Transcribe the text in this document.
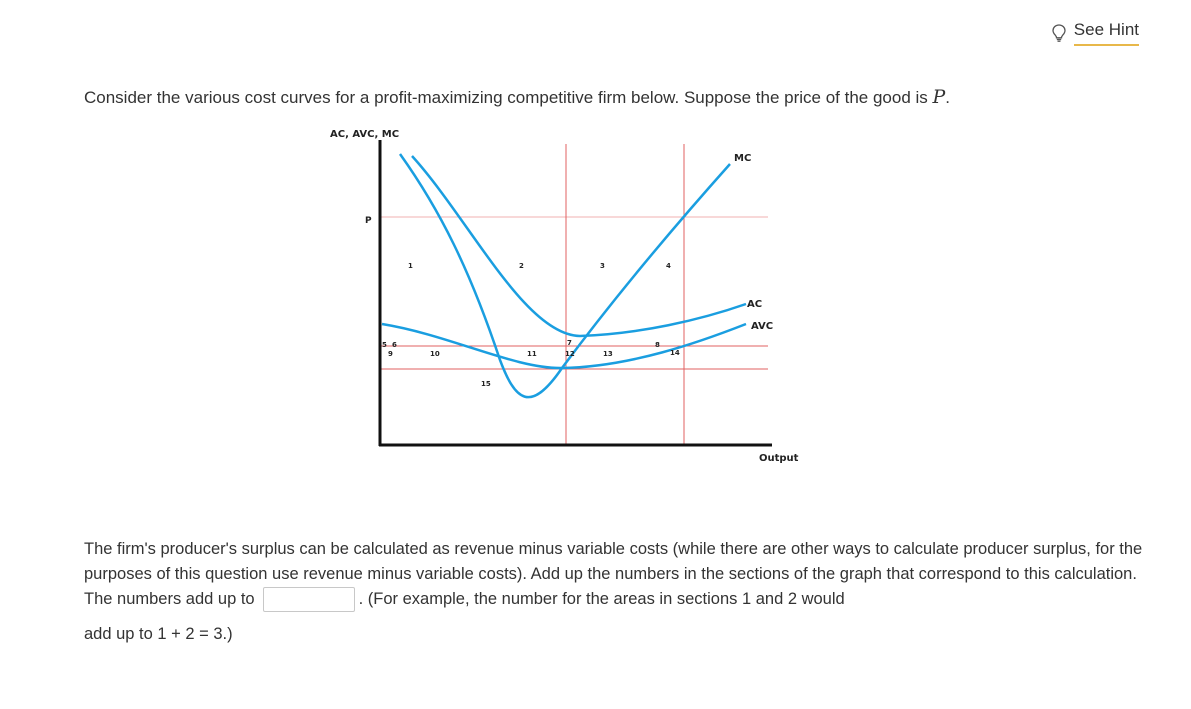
See Hint
Consider the various cost curves for a profit-maximizing competitive firm below. Suppose the price of the good is P.
AC, AVC, MC
Output
P
MC
AC
AVC
1	2	3	4
5 6	7	8
9	10	11	12	13	14
15
The firm's producer's surplus can be calculated as revenue minus variable costs (while there are other ways to calculate producer surplus, for the purposes of this question use revenue minus variable costs). Add up the numbers in the sections of the graph that correspond to this calculation. The numbers add up to	. (For example, the number for the areas in sections 1 and 2 would
add up to 1 + 2 = 3.)
